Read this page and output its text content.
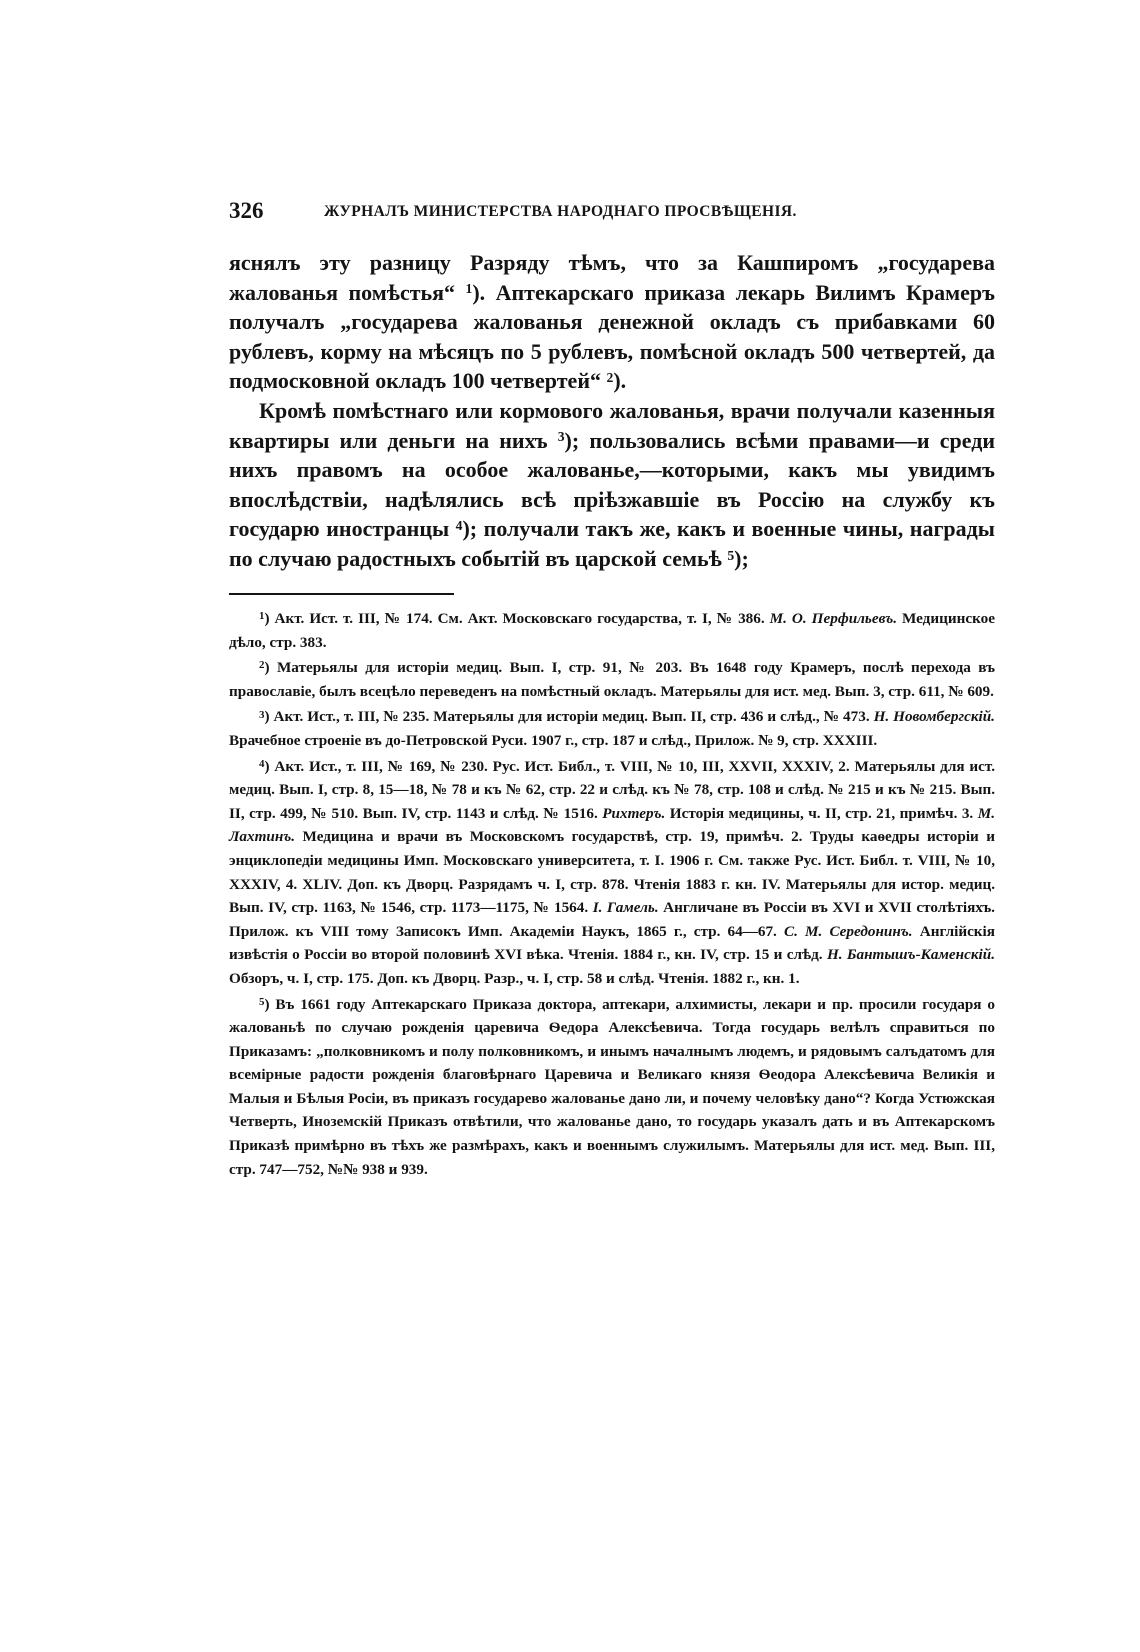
326	ЖУРНАЛЪ МИНИСТЕРСТВА НАРОДНАГО ПРОСВѢЩЕНІЯ.

яснялъ эту разницу Разряду тѣмъ, что за Кашпиромъ „государева жалованья помѣстья“ $^1$). Аптекарскаго приказа лекарь Вилимъ Крамеръ получалъ „государева жалованья денежной окладъ съ прибавками 60 рублевъ, корму на мѣсяцъ по 5 рублевъ, помѣсной окладъ 500 четвертей, да подмосковной окладъ 100 четвертей“ $^2$).

Кромѣ помѣстнаго или кормового жалованья, врачи получали казенныя квартиры или деньги на нихъ $^3$); пользовались всѣми правами—и среди нихъ правомъ на особое жалованье,—которыми, какъ мы увидимъ впослѣдствіи, надѣлялись всѣ пріѣзжавшіе въ Россію на службу къ государю иностранцы $^4$); получали такъ же, какъ и военные чины, награды по случаю радостныхъ событій въ царской семьѣ $^5$);

$^1$) Акт. Ист. т. III, № 174. См. Акт. Московскаго государства, т. I, № 386. М. О. Перфильевъ. Медицинское дѣло, стр. 383.

$^2$) Матерьялы для исторіи медиц. Вып. I, стр. 91, № 203. Въ 1648 году Крамеръ, послѣ перехода въ православіе, былъ всецѣло переведенъ на помѣстный окладъ. Матерьялы для ист. мед. Вып. 3, стр. 611, № 609.

$^3$) Акт. Ист., т. III, № 235. Матерьялы для исторіи медиц. Вып. II, стр. 436 и слѣд., № 473. Н. Новомбергскій. Врачебное строеніе въ до-Петровской Руси. 1907 г., стр. 187 и слѣд., Прилож. № 9, стр. XXXIII.

$^4$) Акт. Ист., т. III, № 169, № 230. Рус. Ист. Библ., т. VIII, № 10, III, XXVII, XXXIV, 2. Матерьялы для ист. медиц. Вып. I, стр. 8, 15—18, № 78 и къ № 62, стр. 22 и слѣд. къ № 78, стр. 108 и слѣд. № 215 и къ № 215. Вып. II, стр. 499, № 510. Вып. IV, стр. 1143 и слѣд. № 1516. Рихтеръ. Исторія медицины, ч. II, стр. 21, примѣч. 3. М. Лахтинъ. Медицина и врачи въ Московскомъ государствѣ, стр. 19, примѣч. 2. Труды каѳедры исторіи и энциклопедіи медицины Имп. Московскаго университета, т. I. 1906 г. См. также Рус. Ист. Библ. т. VIII, № 10, XXXIV, 4. XLIV. Доп. къ Дворц. Разрядамъ ч. I, стр. 878. Чтенія 1883 г. кн. IV. Матерьялы для истор. медиц. Вып. IV, стр. 1163, № 1546, стр. 1173—1175, № 1564. I. Гамель. Англичане въ Россіи въ XVI и XVII столѣтіяхъ. Прилож. къ VIII тому Записокъ Имп. Академіи Наукъ, 1865 г., стр. 64—67. С. М. Середонинъ. Англійскія извѣстія о Россіи во второй половинѣ XVI вѣка. Чтенія. 1884 г., кн. IV, стр. 15 и слѣд. Н. Бантышъ-Каменскій. Обзоръ, ч. I, стр. 175. Доп. къ Дворц. Разр., ч. I, стр. 58 и слѣд. Чтенія. 1882 г., кн. 1.

$^5$) Въ 1661 году Аптекарскаго Приказа доктора, аптекари, алхимисты, лекари и пр. просили государя о жалованьѣ по случаю рожденія царевича Ѳедора Алексѣевича. Тогда государь велѣлъ справиться по Приказамъ: „полковникомъ и полу полковникомъ, и инымъ началнымъ людемъ, и рядовымъ салъдатомъ для всемірные радости рожденія благовѣрнаго Царевича и Великаго князя Ѳеодора Алексѣевича Великія и Малыя и Бѣлыя Росіи, въ приказъ государево жалованье дано ли, и почему человѣку дано“? Когда Устюжская Четверть, Иноземскій Приказъ отвѣтили, что жалованье дано, то государь указалъ дать и въ Аптекарскомъ Приказѣ примѣрно въ тѣхъ же размѣрахъ, какъ и военнымъ служилымъ. Матерьялы для ист. мед. Вып. III, стр. 747—752, №№ 938 и 939.
